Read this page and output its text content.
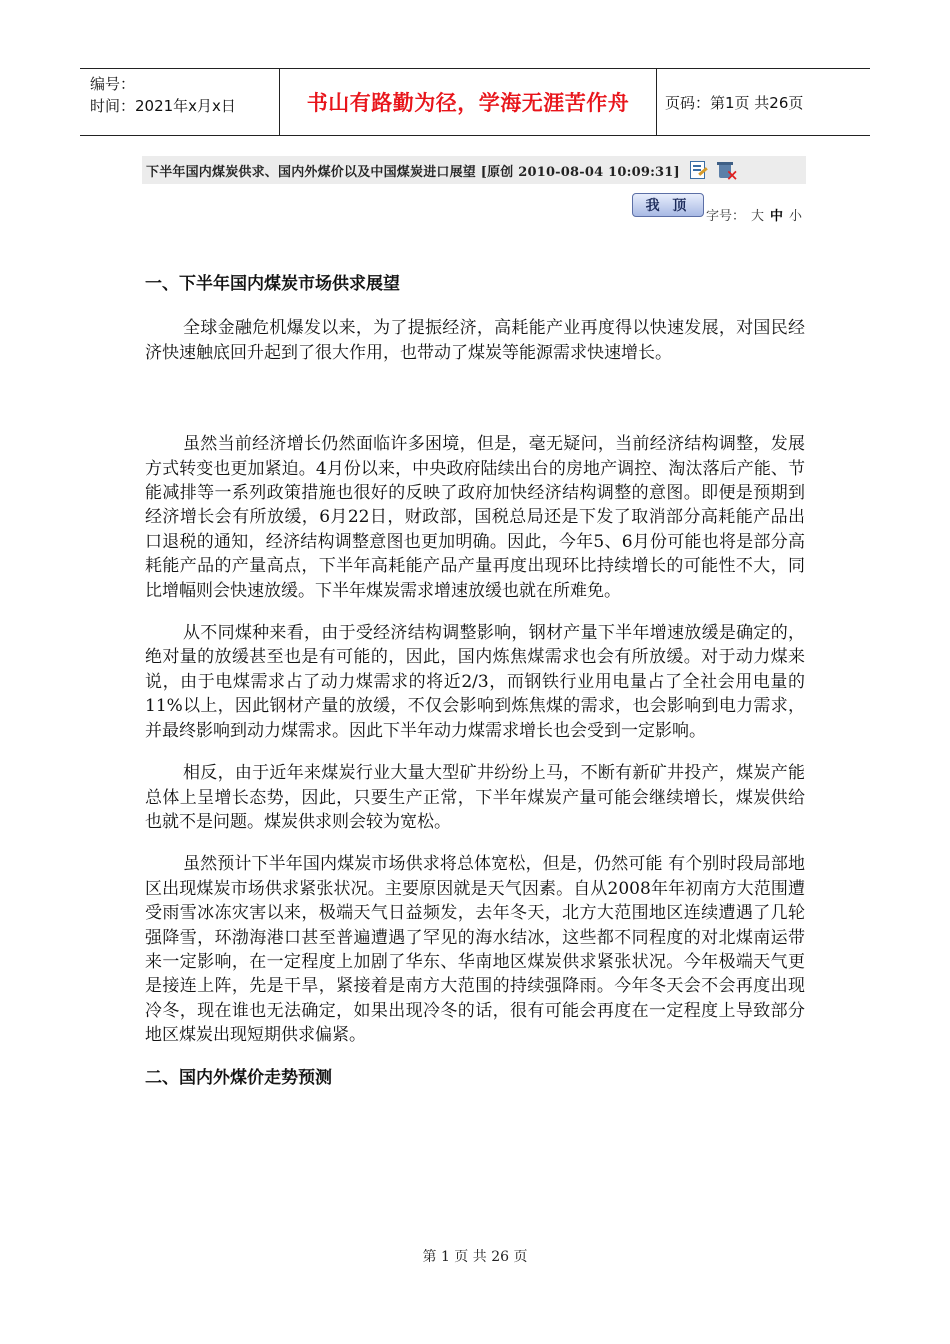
编号：
时间：2021年x月x日	书山有路勤为径，学海无涯苦作舟	页码：第1页 共26页
下半年国内煤炭供求、国内外煤价以及中国煤炭进口展望 [原创 2010-08-04 10:09:31]	×
我 顶
字号： 大 中 小
一、下半年国内煤炭市场供求展望

全球金融危机爆发以来，为了提振经济，高耗能产业再度得以快速发展，对国民经济快速触底回升起到了很大作用，也带动了煤炭等能源需求快速增长。

虽然当前经济增长仍然面临许多困境，但是，毫无疑问，当前经济结构调整，发展方式转变也更加紧迫。4月份以来，中央政府陆续出台的房地产调控、淘汰落后产能、节能减排等一系列政策措施也很好的反映了政府加快经济结构调整的意图。即便是预期到经济增长会有所放缓，6月22日，财政部，国税总局还是下发了取消部分高耗能产品出口退税的通知，经济结构调整意图也更加明确。因此，今年5、6月份可能也将是部分高耗能产品的产量高点，下半年高耗能产品产量再度出现环比持续增长的可能性不大，同比增幅则会快速放缓。下半年煤炭需求增速放缓也就在所难免。

从不同煤种来看，由于受经济结构调整影响，钢材产量下半年增速放缓是确定的，绝对量的放缓甚至也是有可能的，因此，国内炼焦煤需求也会有所放缓。对于动力煤来说，由于电煤需求占了动力煤需求的将近2/3，而钢铁行业用电量占了全社会用电量的11%以上，因此钢材产量的放缓，不仅会影响到炼焦煤的需求，也会影响到电力需求，并最终影响到动力煤需求。因此下半年动力煤需求增长也会受到一定影响。

相反，由于近年来煤炭行业大量大型矿井纷纷上马，不断有新矿井投产，煤炭产能总体上呈增长态势，因此，只要生产正常，下半年煤炭产量可能会继续增长，煤炭供给也就不是问题。煤炭供求则会较为宽松。

虽然预计下半年国内煤炭市场供求将总体宽松，但是，仍然可能 有个别时段局部地区出现煤炭市场供求紧张状况。主要原因就是天气因素。自从2008年年初南方大范围遭受雨雪冰冻灾害以来，极端天气日益频发，去年冬天，北方大范围地区连续遭遇了几轮强降雪，环渤海港口甚至普遍遭遇了罕见的海水结冰，这些都不同程度的对北煤南运带来一定影响，在一定程度上加剧了华东、华南地区煤炭供求紧张状况。今年极端天气更是接连上阵，先是干旱，紧接着是南方大范围的持续强降雨。今年冬天会不会再度出现冷冬，现在谁也无法确定，如果出现冷冬的话，很有可能会再度在一定程度上导致部分地区煤炭出现短期供求偏紧。

二、国内外煤价走势预测
第 1 页 共 26 页
